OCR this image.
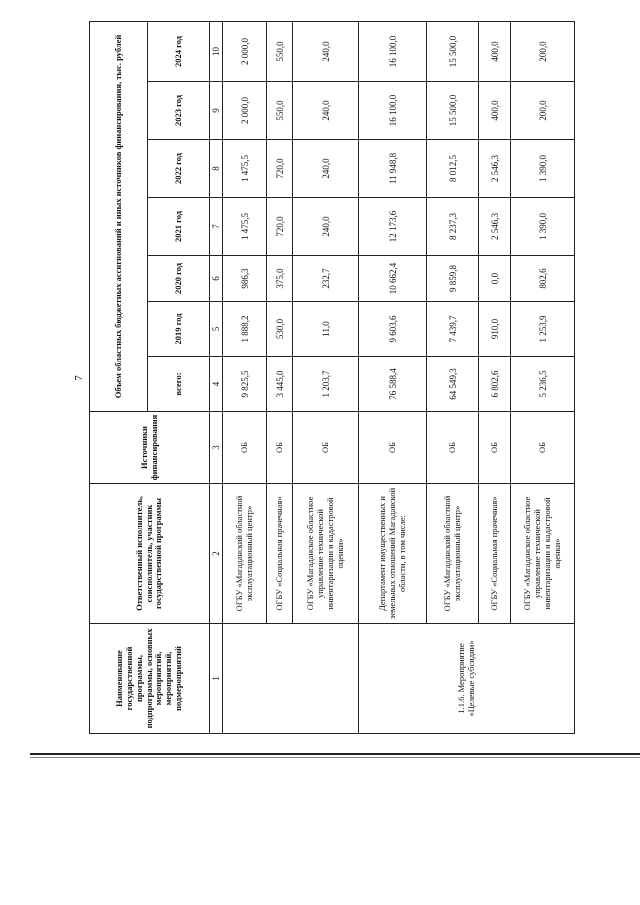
7
Наименование государственной программы, подпрограммы, основных мероприятий, мероприятий, подмероприятий	Ответственный исполнитель, соисполнитель, участник государственной программы	Источники финансирования	Объем областных бюджетных ассигнований и иных источников финансирования, тыс. рублей						
			всего:	2019 год	2020 год	2021 год	2022 год	2023 год	2024 год
1	2	3	4	5	6	7	8	9	10
	ОГБУ «Магаданский областной эксплуатационный центр»	ОБ	9 825,5	1 888,2	986,3	1 475,5	1 475,5	2 000,0	2 000,0
	ОГБУ «Социальная прачечная»	ОБ	3 445,0	530,0	375,0	720,0	720,0	550,0	550,0
	ОГБУ «Магаданское областное управление технической инвентаризации и кадастровой оценки»	ОБ	1 203,7	11,0	232,7	240,0	240,0	240,0	240,0
1.1.6. Мероприятие «Целевые субсидии»	Департамент имущественных и земельных отношений Магаданской области, в том числе:	ОБ	76 588,4	9 603,6	10 662,4	12 173,6	11 948,8	16 100,0	16 100,0
	ОГБУ «Магаданский областной эксплуатационный центр»	ОБ	64 549,3	7 439,7	9 859,8	8 237,3	8 012,5	15 500,0	15 500,0
	ОГБУ «Социальная прачечная»	ОБ	6 802,6	910,0	0,0	2 546,3	2 546,3	400,0	400,0
	ОГБУ «Магаданское областное управление технической инвентаризации и кадастровой оценки»	ОБ	5 236,5	1 253,9	802,6	1 390,0	1 390,0	200,0	200,0
